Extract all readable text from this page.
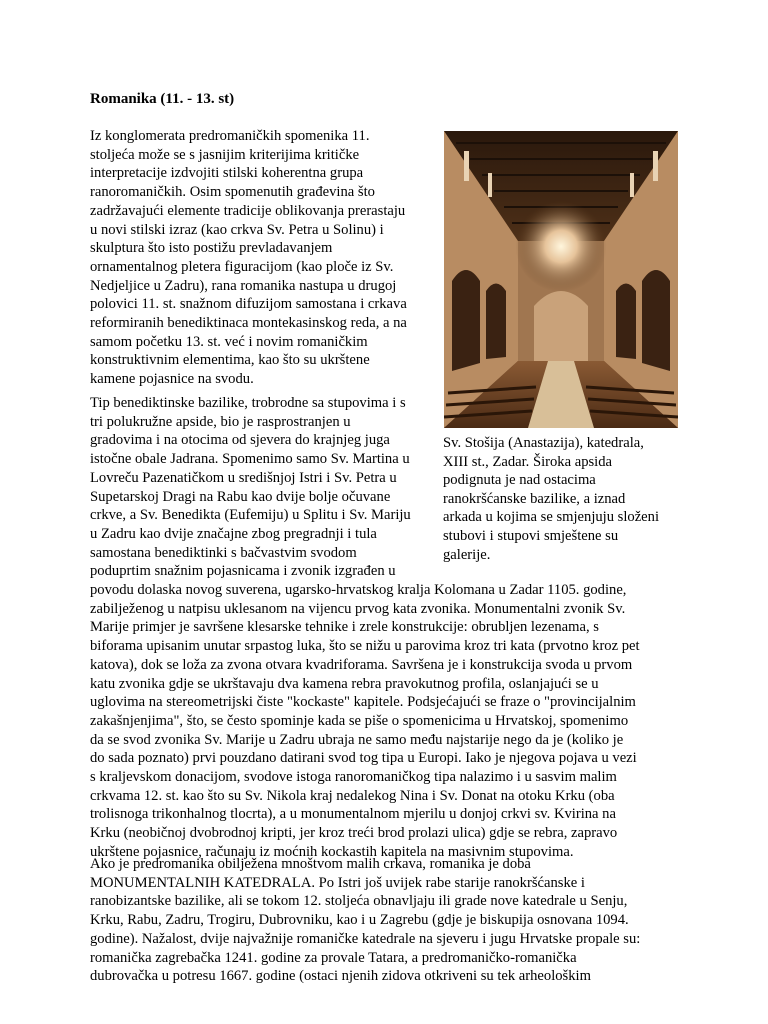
Romanika (11. - 13. st)

Iz konglomerata predromaničkih spomenika 11.
stoljeća može se s jasnijim kriterijima kritičke
interpretacije izdvojiti stilski koherentna grupa
ranoromaničkih. Osim spomenutih građevina što
zadržavajući elemente tradicije oblikovanja prerastaju
u novi stilski izraz (kao crkva Sv. Petra u Solinu) i
skulptura što isto postižu prevladavanjem
ornamentalnog pletera figuracijom (kao ploče iz Sv.
Nedjeljice u Zadru), rana romanika nastupa u drugoj
polovici 11. st. snažnom difuzijom samostana i crkava
reformiranih benediktinaca montekasinskog reda, a na
samom početku 13. st. već i novim romaničkim
konstruktivnim elementima, kao što su ukrštene
kamene pojasnice na svodu.

Tip benediktinske bazilike, trobrodne sa stupovima i s
tri polukružne apside, bio je rasprostranjen u
gradovima i na otocima od sjevera do krajnjeg juga
istočne obale Jadrana. Spomenimo samo Sv. Martina u
Lovreču Pazenatičkom u središnjoj Istri i Sv. Petra u
Supetarskoj Dragi na Rabu kao dvije bolje očuvane
crkve, a Sv. Benedikta (Eufemiju) u Splitu i Sv. Mariju
u Zadru kao dvije značajne zbog pregradnji i tula
samostana benediktinki s bačvastvim svodom
poduprtim snažnim pojasnicama i zvonik izgrađen u
povodu dolaska novog suverena, ugarsko-hrvatskog kralja Kolomana u Zadar 1105. godine,
zabilježenog u natpisu uklesanom na vijencu prvog kata zvonika. Monumentalni zvonik Sv.
Marije primjer je savršene klesarske tehnike i zrele konstrukcije: obrubljen lezenama, s
biforama upisanim unutar srpastog luka, što se nižu u parovima kroz tri kata (prvotno kroz pet
katova), dok se loža za zvona otvara kvadriforama. Savršena je i konstrukcija svoda u prvom
katu zvonika gdje se ukrštavaju dva kamena rebra pravokutnog profila, oslanjajući se u
uglovima na stereometrijski čiste "kockaste" kapitele. Podsjećajući se fraze o "provincijalnim
zakašnjenjima", što, se često spominje kada se piše o spomenicima u Hrvatskoj, spomenimo
da se svod zvonika Sv. Marije u Zadru ubraja ne samo među najstarije nego da je (koliko je
do sada poznato) prvi pouzdano datirani svod tog tipa u Europi. Iako je njegova pojava u vezi
s kraljevskom donacijom, svodove istoga ranoromaničkog tipa nalazimo i u sasvim malim
crkvama 12. st. kao što su Sv. Nikola kraj nedalekog Nina i Sv. Donat na otoku Krku (oba
trolisnoga trikonhalnog tlocrta), a u monumentalnom mjerilu u donjoj crkvi sv. Kvirina na
Krku (neobičnoj dvobrodnoj kripti, jer kroz treći brod prolazi ulica) gdje se rebra, zapravo
ukrštene pojasnice, računaju iz moćnih kockastih kapitela na masivnim stupovima.

Ako je predromanika obilježena mnoštvom malih crkava, romanika je doba
MONUMENTALNIH KATEDRALA. Po Istri još uvijek rabe starije ranokršćanske i
ranobizantske bazilike, ali se tokom 12. stoljeća obnavljaju ili grade nove katedrale u Senju,
Krku, Rabu, Zadru, Trogiru, Dubrovniku, kao i u Zagrebu (gdje je biskupija osnovana 1094.
godine). Nažalost, dvije najvažnije romaničke katedrale na sjeveru i jugu Hrvatske propale su:
romanička zagrebačka 1241. godine za provale Tatara, a predromaničko-romanička
dubrovačka u potresu 1667. godine (ostaci njenih zidova otkriveni su tek arheološkim

Sv. Stošija (Anastazija), katedrala,
XIII st., Zadar. Široka apsida
podignuta je nad ostacima
ranokršćanske bazilike, a iznad
arkada u kojima se smjenjuju složeni
stubovi i stupovi smještene su
galerije.
